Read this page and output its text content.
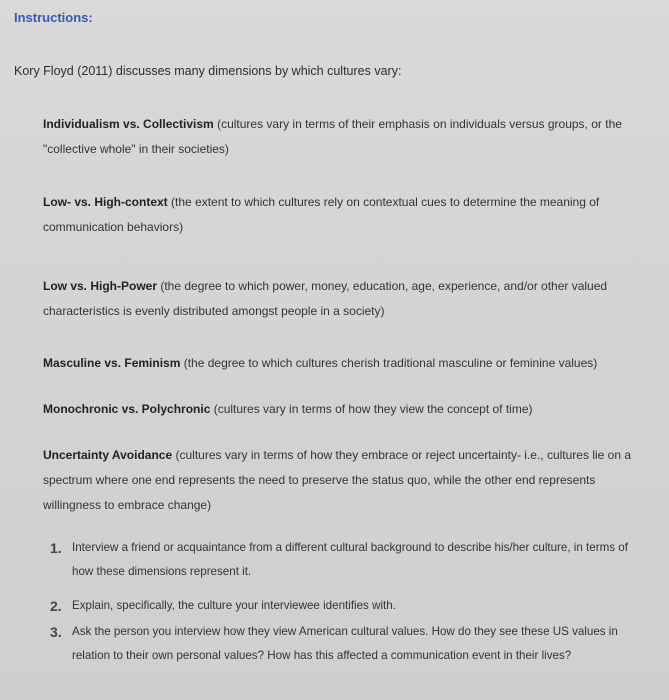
Instructions:
Kory Floyd (2011) discusses many dimensions by which cultures vary:
Individualism vs. Collectivism (cultures vary in terms of their emphasis on individuals versus groups, or the "collective whole" in their societies)
Low- vs. High-context (the extent to which cultures rely on contextual cues to determine the meaning of communication behaviors)
Low vs. High-Power (the degree to which power, money, education, age, experience, and/or other valued characteristics is evenly distributed amongst people in a society)
Masculine vs. Feminism (the degree to which cultures cherish traditional masculine or feminine values)
Monochronic vs. Polychronic (cultures vary in terms of how they view the concept of time)
Uncertainty Avoidance (cultures vary in terms of how they embrace or reject uncertainty- i.e., cultures lie on a spectrum where one end represents the need to preserve the status quo, while the other end represents willingness to embrace change)
1. Interview a friend or acquaintance from a different cultural background to describe his/her culture, in terms of how these dimensions represent it.
2. Explain, specifically, the culture your interviewee identifies with.
3. Ask the person you interview how they view American cultural values. How do they see these US values in relation to their own personal values? How has this affected a communication event in their lives?
